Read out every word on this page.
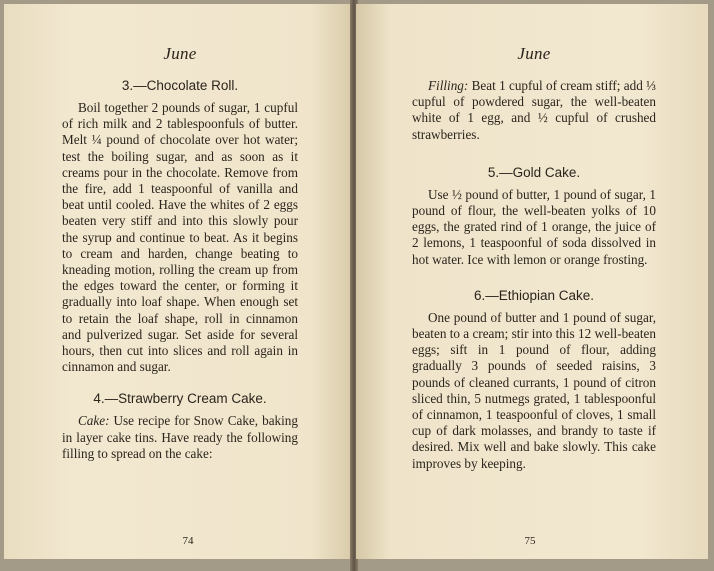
June
3.—Chocolate Roll.

Boil together 2 pounds of sugar, 1 cupful of rich milk and 2 tablespoonfuls of butter. Melt ¼ pound of chocolate over hot water; test the boiling sugar, and as soon as it creams pour in the chocolate. Remove from the fire, add 1 teaspoonful of vanilla and beat until cooled. Have the whites of 2 eggs beaten very stiff and into this slowly pour the syrup and continue to beat. As it begins to cream and harden, change beating to kneading motion, rolling the cream up from the edges toward the center, or forming it gradually into loaf shape. When enough set to retain the loaf shape, roll in cinnamon and pulverized sugar. Set aside for several hours, then cut into slices and roll again in cinnamon and sugar.

4.—Strawberry Cream Cake.

Cake: Use recipe for Snow Cake, baking in layer cake tins. Have ready the following filling to spread on the cake:

74
June

Filling: Beat 1 cupful of cream stiff; add ⅓ cupful of powdered sugar, the well-beaten white of 1 egg, and ½ cupful of crushed strawberries.

5.—Gold Cake.

Use ½ pound of butter, 1 pound of sugar, 1 pound of flour, the well-beaten yolks of 10 eggs, the grated rind of 1 orange, the juice of 2 lemons, 1 teaspoonful of soda dissolved in hot water. Ice with lemon or orange frosting.

6.—Ethiopian Cake.

One pound of butter and 1 pound of sugar, beaten to a cream; stir into this 12 well-beaten eggs; sift in 1 pound of flour, adding gradually 3 pounds of seeded raisins, 3 pounds of cleaned currants, 1 pound of citron sliced thin, 5 nutmegs grated, 1 tablespoonful of cinnamon, 1 teaspoonful of cloves, 1 small cup of dark molasses, and brandy to taste if desired. Mix well and bake slowly. This cake improves by keeping.

75
